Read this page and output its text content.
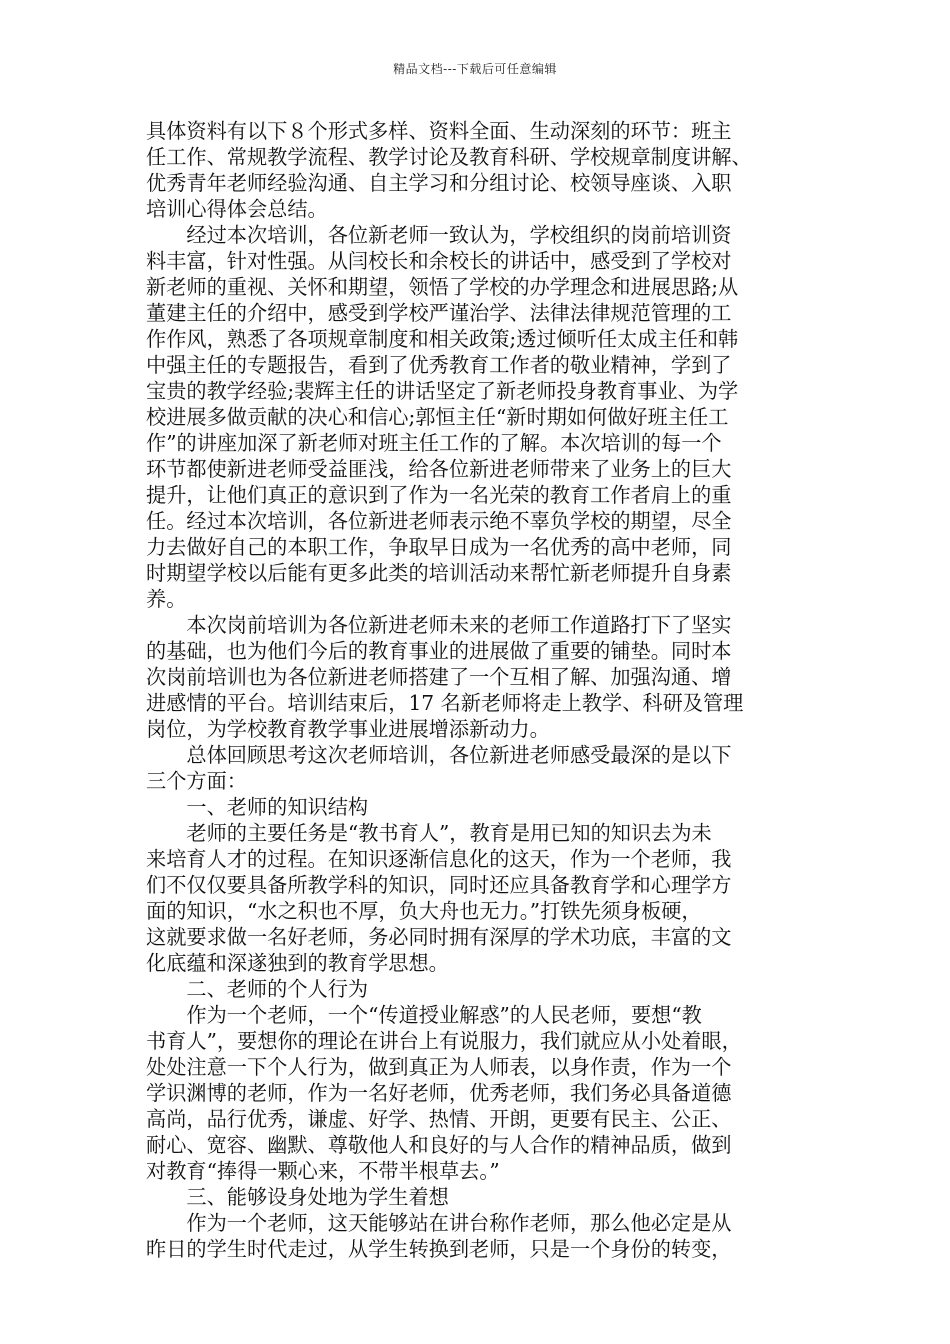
精品文档---下载后可任意编辑
具体资料有以下８个形式多样、资料全面、生动深刻的环节：班主
任工作、常规教学流程、教学讨论及教育科研、学校规章制度讲解、
优秀青年老师经验沟通、自主学习和分组讨论、校领导座谈、入职
培训心得体会总结。
经过本次培训，各位新老师一致认为，学校组织的岗前培训资
料丰富，针对性强。从闫校长和余校长的讲话中，感受到了学校对
新老师的重视、关怀和期望，领悟了学校的办学理念和进展思路;从
董建主任的介绍中，感受到学校严谨治学、法律法律规范管理的工
作作风，熟悉了各项规章制度和相关政策;透过倾听任太成主任和韩
中强主任的专题报告，看到了优秀教育工作者的敬业精神，学到了
宝贵的教学经验;裴辉主任的讲话坚定了新老师投身教育事业、为学
校进展多做贡献的决心和信心;郭恒主任“新时期如何做好班主任工
作”的讲座加深了新老师对班主任工作的了解。本次培训的每一个
环节都使新进老师受益匪浅，给各位新进老师带来了业务上的巨大
提升，让他们真正的意识到了作为一名光荣的教育工作者肩上的重
任。经过本次培训，各位新进老师表示绝不辜负学校的期望，尽全
力去做好自己的本职工作，争取早日成为一名优秀的高中老师，同
时期望学校以后能有更多此类的培训活动来帮忙新老师提升自身素
养。
本次岗前培训为各位新进老师未来的老师工作道路打下了坚实
的基础，也为他们今后的教育事业的进展做了重要的铺垫。同时本
次岗前培训也为各位新进老师搭建了一个互相了解、加强沟通、增
进感情的平台。培训结束后，17 名新老师将走上教学、科研及管理
岗位，为学校教育教学事业进展增添新动力。
总体回顾思考这次老师培训，各位新进老师感受最深的是以下
三个方面：
一、老师的知识结构
老师的主要任务是“教书育人”，教育是用已知的知识去为未
来培育人才的过程。在知识逐渐信息化的这天，作为一个老师，我
们不仅仅要具备所教学科的知识，同时还应具备教育学和心理学方
面的知识，“水之积也不厚，负大舟也无力。”打铁先须身板硬，
这就要求做一名好老师，务必同时拥有深厚的学术功底，丰富的文
化底蕴和深遂独到的教育学思想。
二、老师的个人行为
作为一个老师，一个“传道授业解惑”的人民老师，要想“教
书育人”，要想你的理论在讲台上有说服力，我们就应从小处着眼，
处处注意一下个人行为，做到真正为人师表，以身作责，作为一个
学识渊博的老师，作为一名好老师，优秀老师，我们务必具备道德
高尚，品行优秀，谦虚、好学、热情、开朗，更要有民主、公正、
耐心、宽容、幽默、尊敬他人和良好的与人合作的精神品质，做到
对教育“捧得一颗心来，不带半根草去。”
三、能够设身处地为学生着想
作为一个老师，这天能够站在讲台称作老师，那么他必定是从
昨日的学生时代走过，从学生转换到老师，只是一个身份的转变，
